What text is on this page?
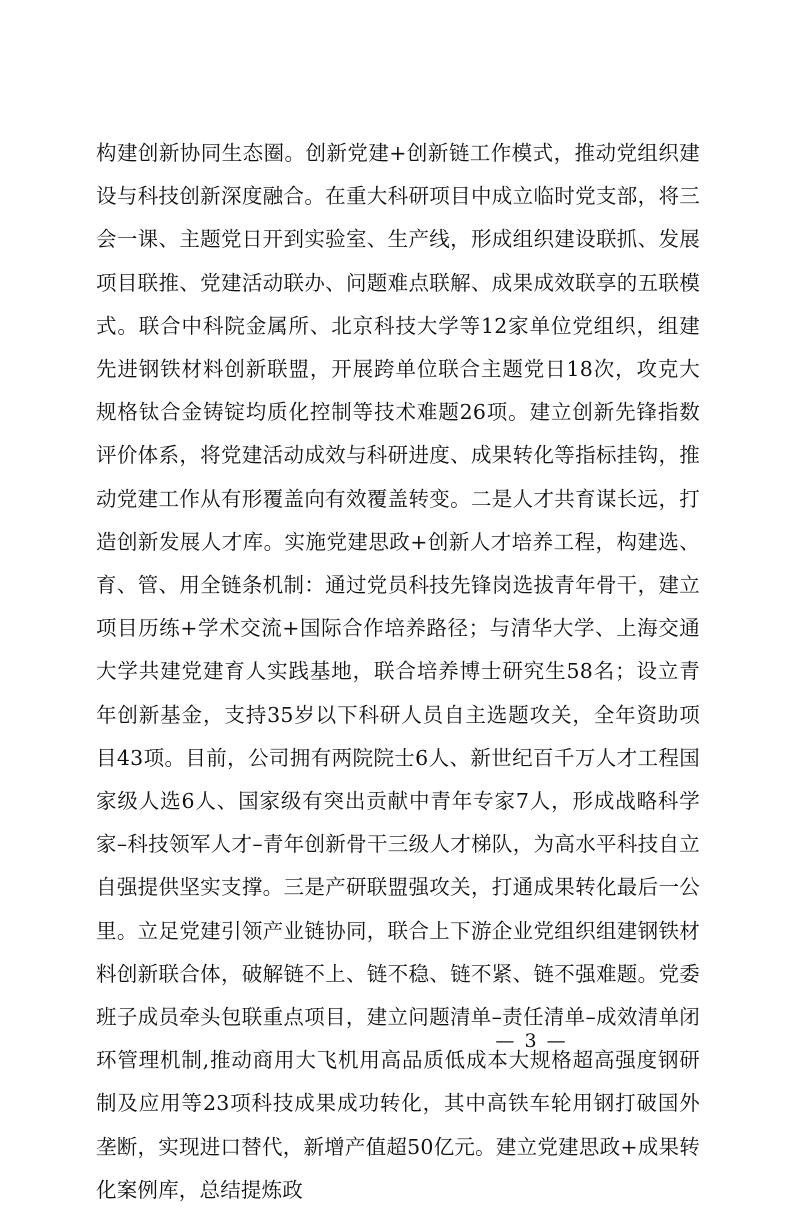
构建创新协同生态圈。创新党建+创新链工作模式，推动党组织建设与科技创新深度融合。在重大科研项目中成立临时党支部，将三会一课、主题党日开到实验室、生产线，形成组织建设联抓、发展项目联推、党建活动联办、问题难点联解、成果成效联享的五联模式。联合中科院金属所、北京科技大学等12家单位党组织，组建先进钢铁材料创新联盟，开展跨单位联合主题党日18次，攻克大规格钛合金铸锭均质化控制等技术难题26项。建立创新先锋指数评价体系，将党建活动成效与科研进度、成果转化等指标挂钩，推动党建工作从有形覆盖向有效覆盖转变。二是人才共育谋长远，打造创新发展人才库。实施党建思政+创新人才培养工程，构建选、育、管、用全链条机制：通过党员科技先锋岗选拔青年骨干，建立项目历练+学术交流+国际合作培养路径；与清华大学、上海交通大学共建党建育人实践基地，联合培养博士研究生58名；设立青年创新基金，支持35岁以下科研人员自主选题攻关，全年资助项目43项。目前，公司拥有两院院士6人、新世纪百千万人才工程国家级人选6人、国家级有突出贡献中青年专家7人，形成战略科学家–科技领军人才–青年创新骨干三级人才梯队，为高水平科技自立自强提供坚实支撑。三是产研联盟强攻关，打通成果转化最后一公里。立足党建引领产业链协同，联合上下游企业党组织组建钢铁材料创新联合体，破解链不上、链不稳、链不紧、链不强难题。党委班子成员牵头包联重点项目，建立问题清单–责任清单–成效清单闭环管理机制,推动商用大飞机用高品质低成本大规格超高强度钢研制及应用等23项科技成果成功转化，其中高铁车轮用钢打破国外垄断，实现进口替代，新增产值超50亿元。建立党建思政+成果转化案例库，总结提炼政

— 3 —
